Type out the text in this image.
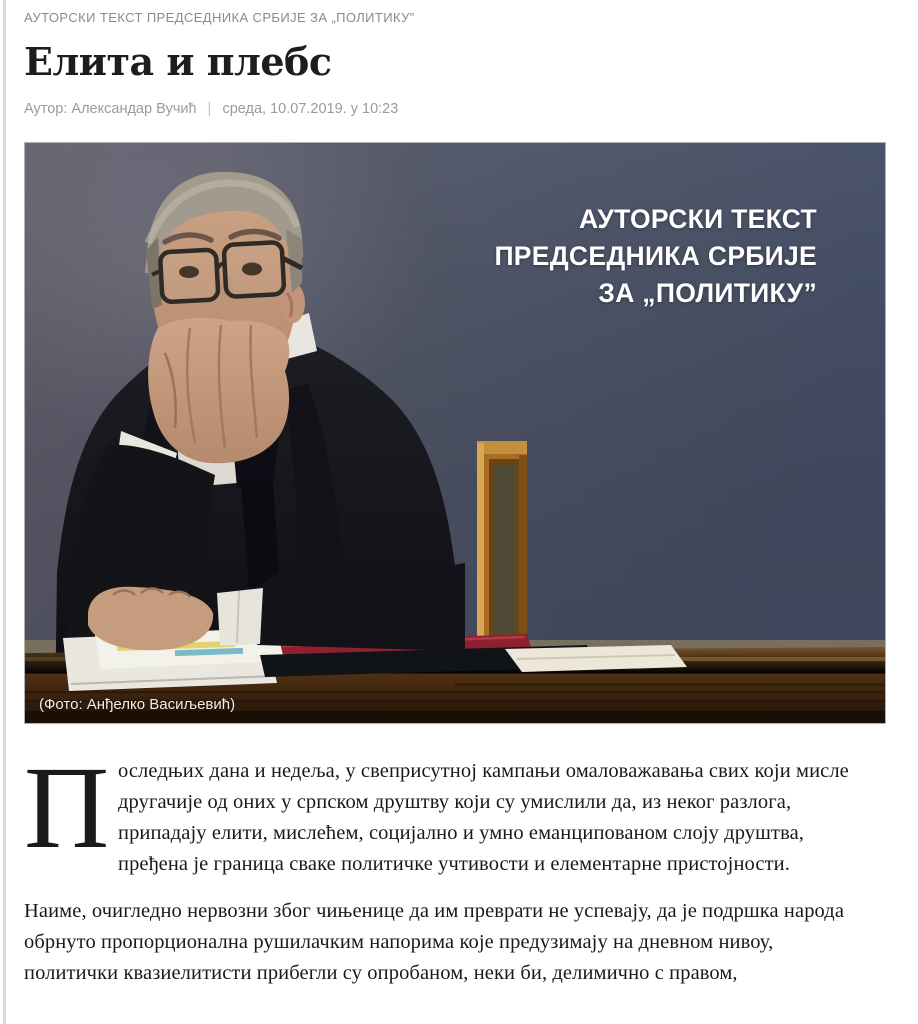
АУТОРСКИ ТЕКСТ ПРЕДСЕДНИКА СРБИЈЕ ЗА „ПОЛИТИКУ”
Елита и плебс
Аутор: Александар Вучић | среда, 10.07.2019. у 10:23
АУТОРСКИ ТЕКСТ
ПРЕДСЕДНИКА СРБИЈЕ
ЗА „ПОЛИТИКУ”
(Фото: Анђелко Васиљевић)

Последњих дана и недеља, у свеприсутној кампањи омаловажавања свих који мисле другачије од оних у српском друштву који су умислили да, из неког разлога, припадају елити, мислећем, социјално и умно еманципованом слоју друштва, пређена је граница сваке политичке учтивости и елементарне пристојности.

Наиме, очигледно нервозни због чињенице да им преврати не успевају, да је подршка народа обрнуто пропорционална рушилачким напорима које предузимају на дневном нивоу, политички квазиелитисти прибегли су опробаном, неки би, делимично с правом,
